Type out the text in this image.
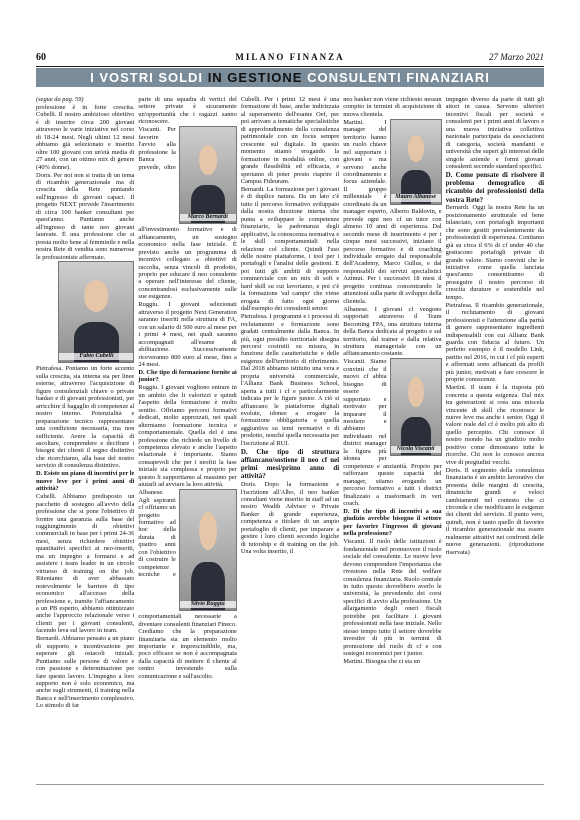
60	MILANO FINANZA	27 Marzo 2021
I VOSTRI SOLDI IN GESTIONE CONSULENTI FINANZIARI

(segue da pag. 59)

professione è in forte crescita. Cubelli. Il nostro ambizioso obiettivo è di inserire circa 200 giovani attraverso le varie iniziative nel corso di 18-24 mesi. Negli ultimi 12 mesi abbiamo già selezionato e inserito oltre 100 giovani con un'età media di 27 anni, con un ottimo mix di genere (40% donne).

Doris. Per noi non si tratta di un tema di ricambio generazionale ma di crescita della Rete puntando sull'ingresso di giovani capaci. Il progetto NEXT prevede l'inserimento di circa 100 banker consultant per quest'anno. Puntiamo anche all'ingresso di tante neo giovani laureate. È una professione che si presta molto bene al femminile e nella nostra Rete di vendita sono numerose le professioniste affermate.

Fabio Cubelli

Pietrafesa. Poniamo un forte accento sulla crescita, sia interna sia per linee esterne, attraverso l'acquisizione di figure consulenziali chiave o private banker e di giovani professionisti, per arricchire il bagaglio di competenze al nostro interno. Potenzialità e preparazione tecnico rappresentano una condizione necessaria, ma non sufficiente. Avere la capacità di ascoltare, comprendere e decifrare i bisogni dei clienti il segno distintivo che ricerchiamo, alla base del nostro servizio di consulenza distintivo.

D. Esiste un piano di incentivi per le nuove leve per i primi anni di attività?

Cubelli. Abbiamo predisposto un pacchetto di sostegno all'avvio della professione che si pone l'obiettivo di fornire una garanzia sulla base del raggiungimento di obiettivi commerciali in base per i primi 24-36 mesi, senza richiedere obiettivi quantitativi specifici ai neo-inseriti, ma un impegno a formarsi e ad assistere i team leader in un circolo virtuoso di training on the job. Riteniamo di aver abbassato notevolmente le barriere di tipo economico all'accesso della professione e, tramite l'affiancamento a un PB esperto, abbiamo ottimizzato anche l'approccio relazionale verso i clienti per i giovani consulenti, facendo leva sul lavoro in team.

Bernardi. Abbiamo pensato a un piano di supporto e incentivazione per superare gli ostacoli iniziali. Puntiamo sulle persone di valore e con passione e determinazione per fare questo lavoro. L'impegno a loro supporto non è solo economico, ma anche sugli strumenti, il training nella Banca e nell'inserimento complessivo. Lo stimolo di far

parte di una squadra di vertici del settore private è sicuramente un'opportunità che i ragazzi sanno riconoscere.

Marco Bernardi

Viscanti. Per favorire l'avvio alla professione la Banca prevede, oltre all'investimento formativo e di affiancamento, un sostegno economico nella fase iniziale. È previsto anche un programma di incentivi collegato a obiettivi di raccolta, senza vincoli di prodotto, proprio per educare il neo consulente a operare nell'interesse del cliente, concentrandosi esclusivamente sulle sue esigenze.

Ruggiu. I giovani selezionati attraverso il progetto Next Generation saranno inseriti nella struttura di FA, con un salario di 500 euro al mese per i primi 4 mesi, nei quali saranno accompagnati all'esame di abilitazione. Successivamente riceveranno 800 euro al mese, fino a 24 mesi.

D. Che tipo di formazione fornite ai junior?

Ruggiu. I giovani vogliono entrare in un ambito che li valorizzi e quindi l'aspetto della formazione è molto sentito. Offriamo percorsi formativi dedicati, molto apprezzati, nei quali alterniamo formazione tecnica e comportamentale. Quella del è una professione che richiede un livello di competenza elevato e anche l'aspetto relazionale è importante. Siamo consapevoli che per i neofiti la fase iniziale sia complessa e proprio per questo li supportiamo al massimo per aiutarli ad avviare la loro attività.

Silvio Ruggiu

Albanese. Agli aspiranti cf offriamo un progetto formativo ad hoc della durata di quattro anni con l'obiettivo di costruire le competenze tecniche e comportamentali necessarie a diventare consulenti finanziari Fineco. Crediamo che la preparazione finanziaria sia un elemento molto importante e imprescindibile, ma, poco efficace se non è accompagnata dalla capacità di mettere il cliente al centro investendo sulla comunicazione e sull'ascolto.

Cubelli. Per i primi 12 mesi è una formazione di base, anche indirizzata al superamento dell'esame Oef, per poi arrivare a tematiche specialistiche di approfondimento della consulenza patrimoniale con un focus sempre crescente sul digitale. In questo momento stiamo erogando la formazione in modalità online, con grande flessibilità ed efficacia, e speriamo di poter presto riaprire il Campus Fideuram.

Bernardi. La formazione per i giovani è di duplice natura. Da un lato c'è tutto il percorso formativo sviluppato dalla nostra direzione interna che punta a sviluppare le competenze finanziarie, la padronanza degli applicativi, la conoscenza normativa e le skill comportamentali nella relazione col cliente. Quindi l'uso delle nostre piattaforme, i tool per i portafogli e l'analisi delle gestioni. E poi tutti gli ambiti di supporto commerciale con un mix di soft e hard skill su cui lavoriamo, e poi c'è la formazione 'sul campo' che viene erogata di fatto ogni giorno dall'esempio dei consulenti senior.

Pietrafesa. I programmi e i processi di reclutamento e formazione sono gradati centralmente dalla Banca. In più, ogni presidio territoriale disegna percorsi costruiti su misura, in funzione delle caratteristiche e delle esigenze dell'territorio di riferimento. Dal 2018 abbiamo istituito una vera e propria università commerciale, l'Allianz Bank Business School, aperta a tutti i cf e particolarmente indicata per le figure junior. A ciò si affiancano le piattaforme digitali evolute, idonee a erogare la formazione obbligatoria e quella aggiuntiva su temi normativi e di prodotto, nonché quella necessaria per l'iscrizione al RUI.

D. Che tipo di struttura affiancano/sostiene il neo cf nei primi mesi/primo anno di attività?

Doris. Dopo la formazione e l'iscrizione all'Albo, il neo banker consultant viene inserito in staff ad un nostro Wealth Advisor o Private Banker di grande esperienza, competenza e titolare di un ampio portafoglio di clienti, per imparare a gestire i loro clienti secondo logiche di tutorship e di training on the job. Una volta inserito, il

neo banker non viene richiesto nessun compito in termini di acquisizione di nuova clientela.

Mauro Albanese

Martini. I manager del territorio hanno un ruolo chiave nel supportare i giovani e ma servono anche coordinamento e focus aziendale. Il gruppo millennials è coordinato da un manager esperto, Alberto Baldovin, e prevede ogni neo cf un tutor con almeno 10 anni di esperienza. Dal secondo mese di inserimento e per i cinque mesi successivi, iniziano il percorso formativo e di coaching individuale erogato dal responsabile dell'Academy, Marco Gullus, e dal responsabili dei servizi specialistici Azimut. Per i successivi 18 mesi il progetto continua concentrando le attenzioni sulla parte di sviluppo della clientela.

Albanese. I giovani cf vengono supportati attraverso il Team Becoming FPA, una struttura interna della Banca dedicata al progetto e sul territorio, dal trainer e dalla relativa struttura manageriale con un affiancamento costante.

Nicola Viscanti

Viscanti. Siamo convinti che il nuovo cf abbia bisogno di essere supportato e motivato per imparare il mestiere e abbiamo individuato nel district manager la figura più idonea per competenze e anzianità. Proprio per rafforzare queste capacità del manager, stiamo erogando un percorso formativo a tutti i district finalizzato a trasformarli in veri coach.

D. Di che tipo di incentivi a sua giudizio avrebbe bisogno il settore per favorire l'ingresso di giovani nella professione?

Viscanti. Il ruolo delle istituzioni è fondamentale nel promuovere il ruolo sociale del consulente. Le nuove leve devono comprendere l'importanza che rivestono nella Rete del welfare consulenza finanziaria. Ruolo centrale in tutto questo dovrebbero averlo le università, la prevedendo dei corsi specifici di avvio alla professione. Un allargamento degli oneri fiscali potrebbe poi facilitare i giovani professionisti nella fase iniziale. Nello stesso tempo tutto il settore dovrebbe investire di più in termini di promozione del ruolo di cf e con sostegni economici per i junior.

Martini. Bisogna che ci sia un

impegno diverso da parte di tutti gli attori in causa. Servono ulteriori incentivi fiscali per società e consulenti per i primi anni di lavoro e una nuova iniziativa collettiva nazionale partecipata da associazioni di categoria, società mandanti e università che superi gli interessi delle singole aziende e formi giovani consulenti secondo standard specifici.

D. Come pensate di risolvere il problema demografico di ricambio dei professionisti della vostra Rete?

Bernardi. Oggi la nostra Rete ha un posizionamento strutturale ed bene bilanciato, con portafogli importanti che sono gestiti prevalentemente da professionisti di esperienza. Contiamo già su circa il 6% di cf under 40 che gestiscono portafogli private di grande valore. Siamo convinti che le iniziative come quella lanciata quest'anno consentiranno di proseguire il nostro percorso di crescita durature e sostenibile nel tempo.

Pietrafesa. Il ricambio generazionale, il reclutamento di giovani professionisti e l'attenzione alla parità di genere rappresentano ingredienti indispensabili con cui Allianz Bank guarda con fiducia al futuro. Un perfetto esempio è il modello Link, partito nel 2016, in cui i cf più esperti e affermati sono affiancati da profili più junior, motivati a fare crescere le proprie conoscenze.

Martini. Il team è la risposta più concreta a questa esigenza. Dal mix tra generazioni si crea una miscela vincente di skill che riconosce le nuove leve ma anche i senior. Oggi il valore reale del cf è molto più alto di quello percepito. Chi conosce il nostro mondo ha un giudizio molto positivo come dimostrano tutte le ricerche. Chi non lo conosce ancora vive di pregiudizi vecchi.

Doris. Il segmento della consulenza finanziaria è un ambito lavorativo che presenta delle margini di crescita, dinamiche grandi e veloci cambiamenti nel contesto che ci circonda e che modificano le esigenze dei clienti del servizio. Il punto vero, quindi, non è tanto quello di favorire il ricambio generazionale ma essere realmente attrattivi nei confronti delle nuove generazioni. (riproduzione riservata)
